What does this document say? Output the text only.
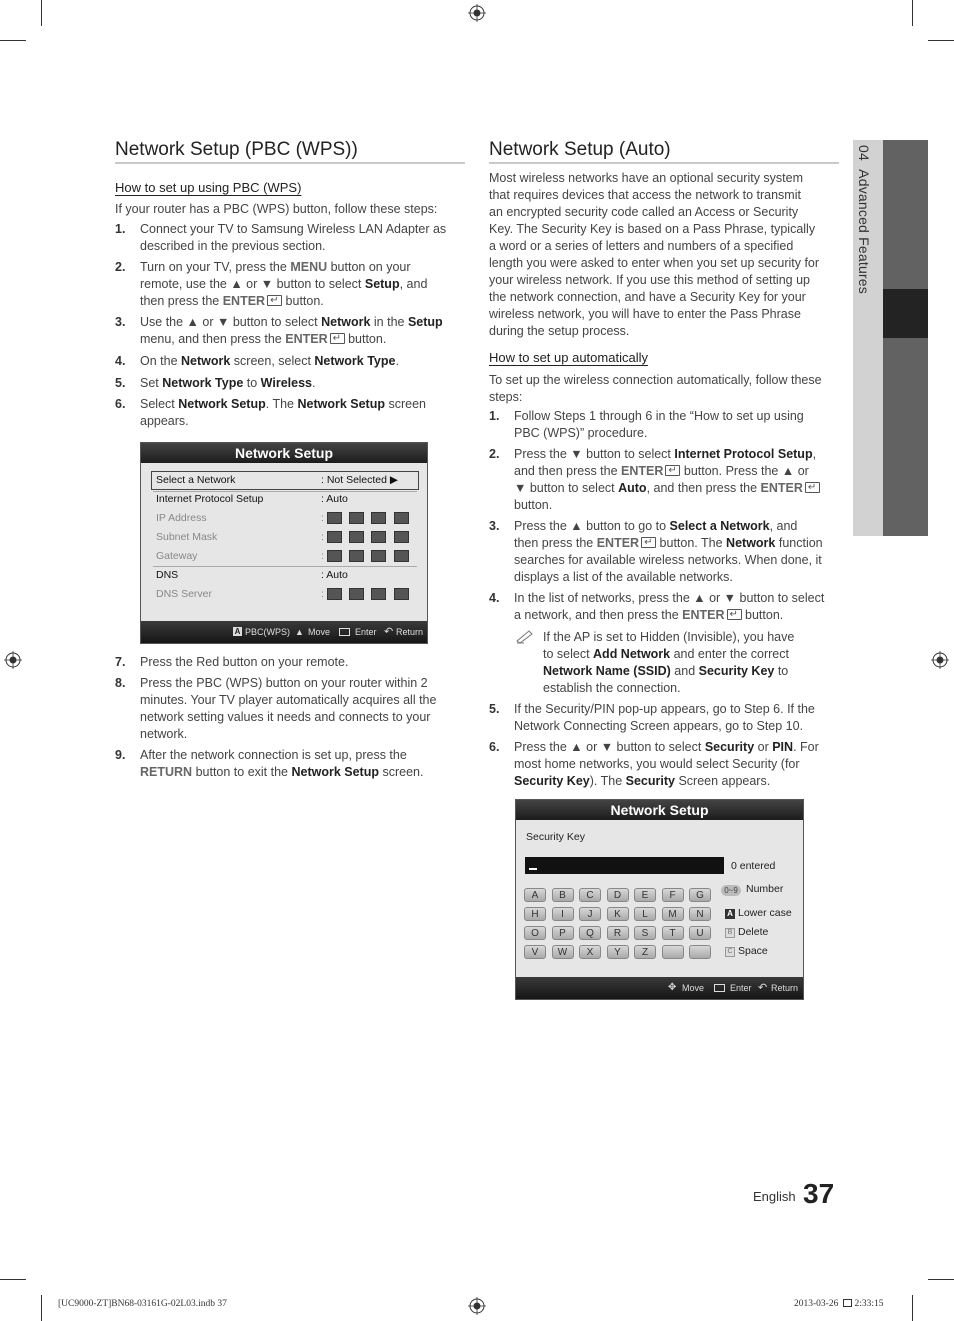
04  Advanced Features
Network Setup (PBC (WPS))
How to set up using PBC (WPS)
If your router has a PBC (WPS) button, follow these steps:
1. Connect your TV to Samsung Wireless LAN Adapter as
described in the previous section.
2. Turn on your TV, press the MENU button on your
remote, use the ▲ or ▼ button to select Setup, and
then press the ENTER↵ button.
3. Use the ▲ or ▼ button to select Network in the Setup
menu, and then press the ENTER↵ button.
4. On the Network screen, select Network Type.
5. Set Network Type to Wireless.
6. Select Network Setup. The Network Setup screen
appears.
Network Setup
Select a Network	: Not Selected ▶
Internet Protocol Setup	: Auto
IP Address	:
Subnet Mask	:
Gateway	:
DNS	: Auto
DNS Server	:
A PBC(WPS) ▲︎ Move	Enter ↶ Return
7. Press the Red button on your remote.
8. Press the PBC (WPS) button on your router within 2
minutes. Your TV player automatically acquires all the
network setting values it needs and connects to your
network.
9. After the network connection is set up, press the
RETURN button to exit the Network Setup screen.
Network Setup (Auto)
Most wireless networks have an optional security system
that requires devices that access the network to transmit
an encrypted security code called an Access or Security
Key. The Security Key is based on a Pass Phrase, typically
a word or a series of letters and numbers of a specified
length you were asked to enter when you set up security for
your wireless network. If you use this method of setting up
the network connection, and have a Security Key for your
wireless network, you will have to enter the Pass Phrase
during the setup process.
How to set up automatically
To set up the wireless connection automatically, follow these
steps:
1. Follow Steps 1 through 6 in the “How to set up using
PBC (WPS)” procedure.
2. Press the ▼ button to select Internet Protocol Setup,
and then press the ENTER↵ button. Press the ▲ or
▼ button to select Auto, and then press the ENTER↵
button.
3. Press the ▲ button to go to Select a Network, and
then press the ENTER↵ button. The Network function
searches for available wireless networks. When done, it
displays a list of the available networks.
4. In the list of networks, press the ▲ or ▼ button to select
a network, and then press the ENTER↵ button.
If the AP is set to Hidden (Invisible), you have
to select Add Network and enter the correct
Network Name (SSID) and Security Key to
establish the connection.
5. If the Security/PIN pop-up appears, go to Step 6. If the
Network Connecting Screen appears, go to Step 10.
6. Press the ▲ or ▼ button to select Security or PIN. For
most home networks, you would select Security (for
Security Key). The Security Screen appears.
Network Setup
Security Key
0 entered
0~9 Number
A Lower case
B Delete
C Space
✥ Move	Enter ↶ Return
A	B	C	D	E	F	G
H	I	J	K	L	M	N
O	P	Q	R	S	T	U
V	W	X	Y	Z
English 37
[UC9000-ZT]BN68-03161G-02L03.indb 37	2013-03-26 2:33:15
